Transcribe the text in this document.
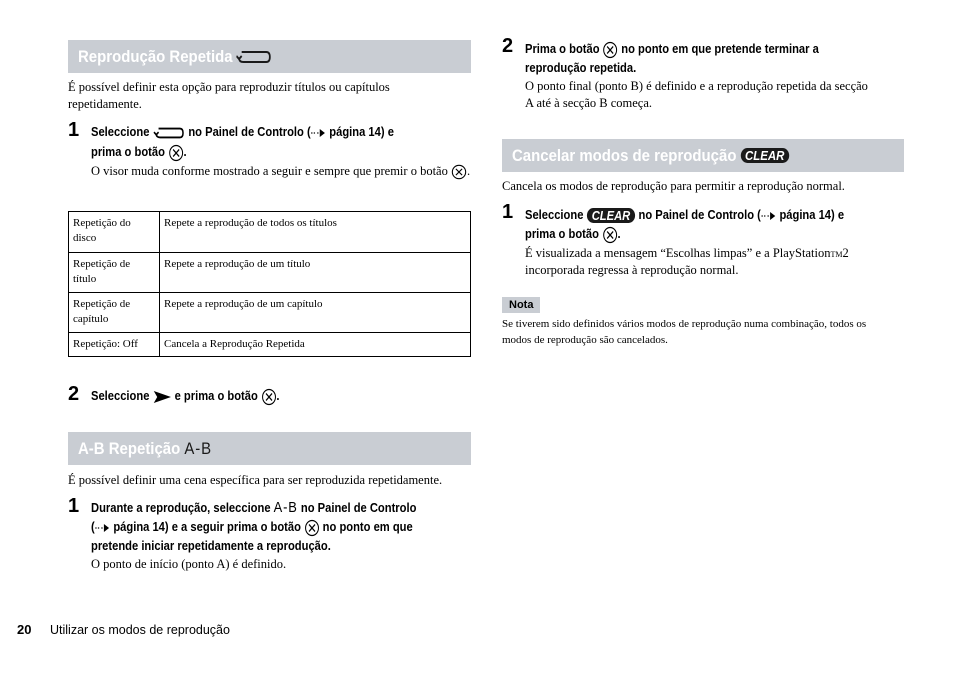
Reprodução Repetida

É possível definir esta opção para reproduzir títulos ou capítulos repetidamente.
1 Seleccione	no Painel de Controlo ( página 14) e
prima o botão .
O visor muda conforme mostrado a seguir e sempre que premir o botão .
Repetição do disco	Repete a reprodução de todos os títulos
Repetição de título	Repete a reprodução de um título
Repetição de capítulo	Repete a reprodução de um capítulo
Repetição: Off	Cancela a Reprodução Repetida
2 Seleccione e prima o botão .
A-B Repetição
A-B
É possível definir uma cena específica para ser reproduzida repetidamente.
1 Durante a reprodução, seleccione A-B no Painel de Controlo
( página 14) e a seguir prima o botão no ponto em que
pretende iniciar repetidamente a reprodução.
O ponto de início (ponto A) é definido.
2 Prima o botão no ponto em que pretende terminar a
reprodução repetida.
O ponto final (ponto B) é definido e a reprodução repetida da secção
A até à secção B começa.
Cancelar modos de reprodução
CLEAR
Cancela os modos de reprodução para permitir a reprodução normal.
1 Seleccione CLEAR no Painel de Controlo ( página 14) e
prima o botão .
É visualizada a mensagem “Escolhas limpas” e a PlayStationTM2
incorporada regressa à reprodução normal.
Nota
Se tiverem sido definidos vários modos de reprodução numa combinação, todos os
modos de reprodução são cancelados.
20 Utilizar os modos de reprodução
